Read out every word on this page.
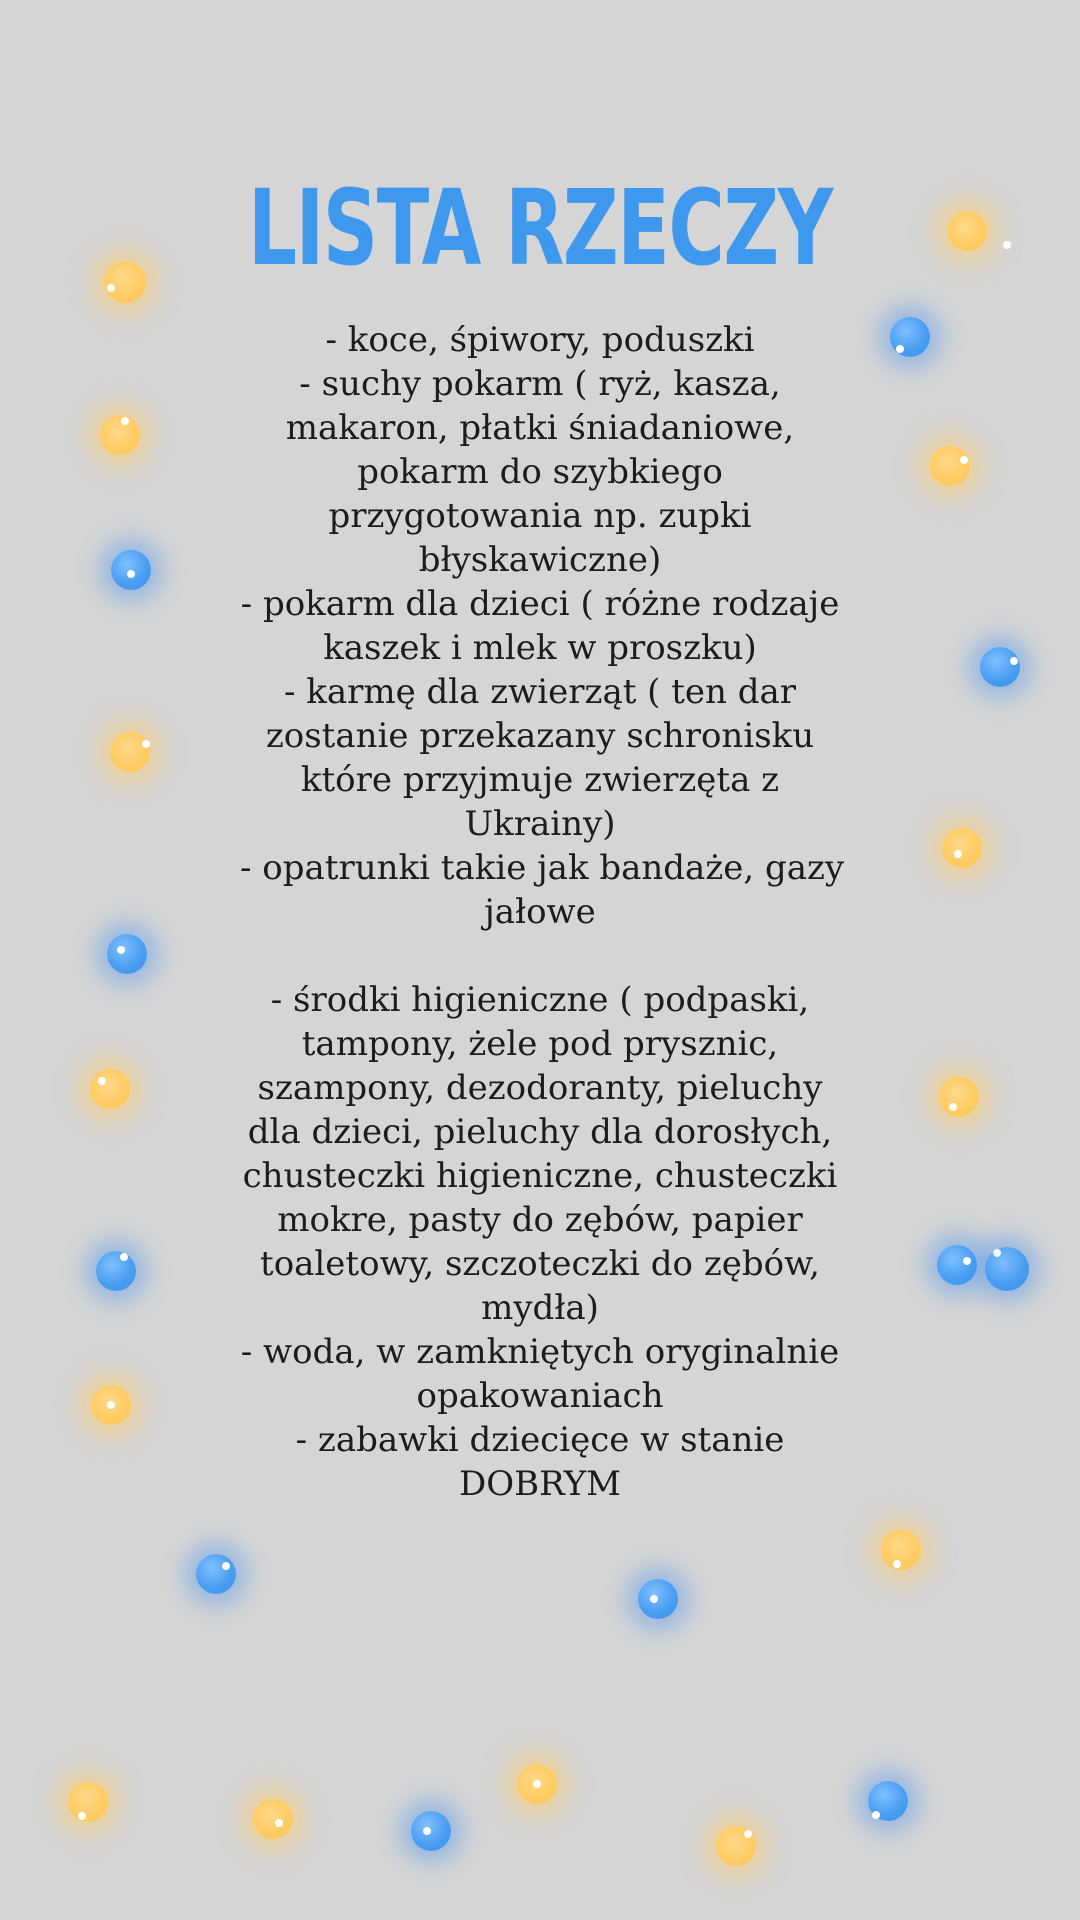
LISTA RZECZY
- koce, śpiwory, poduszki
- suchy pokarm ( ryż, kasza,
makaron, płatki śniadaniowe,
pokarm do szybkiego
przygotowania np. zupki
błyskawiczne)
- pokarm dla dzieci ( różne rodzaje
kaszek i mlek w proszku)
- karmę dla zwierząt ( ten dar
zostanie przekazany schronisku
które przyjmuje zwierzęta z
Ukrainy)
- opatrunki takie jak bandaże, gazy
jałowe
- środki higieniczne ( podpaski,
tampony, żele pod prysznic,
szampony, dezodoranty, pieluchy
dla dzieci, pieluchy dla dorosłych,
chusteczki higieniczne, chusteczki
mokre, pasty do zębów, papier
toaletowy, szczoteczki do zębów,
mydła)
- woda, w zamkniętych oryginalnie
opakowaniach
- zabawki dziecięce w stanie
DOBRYM
